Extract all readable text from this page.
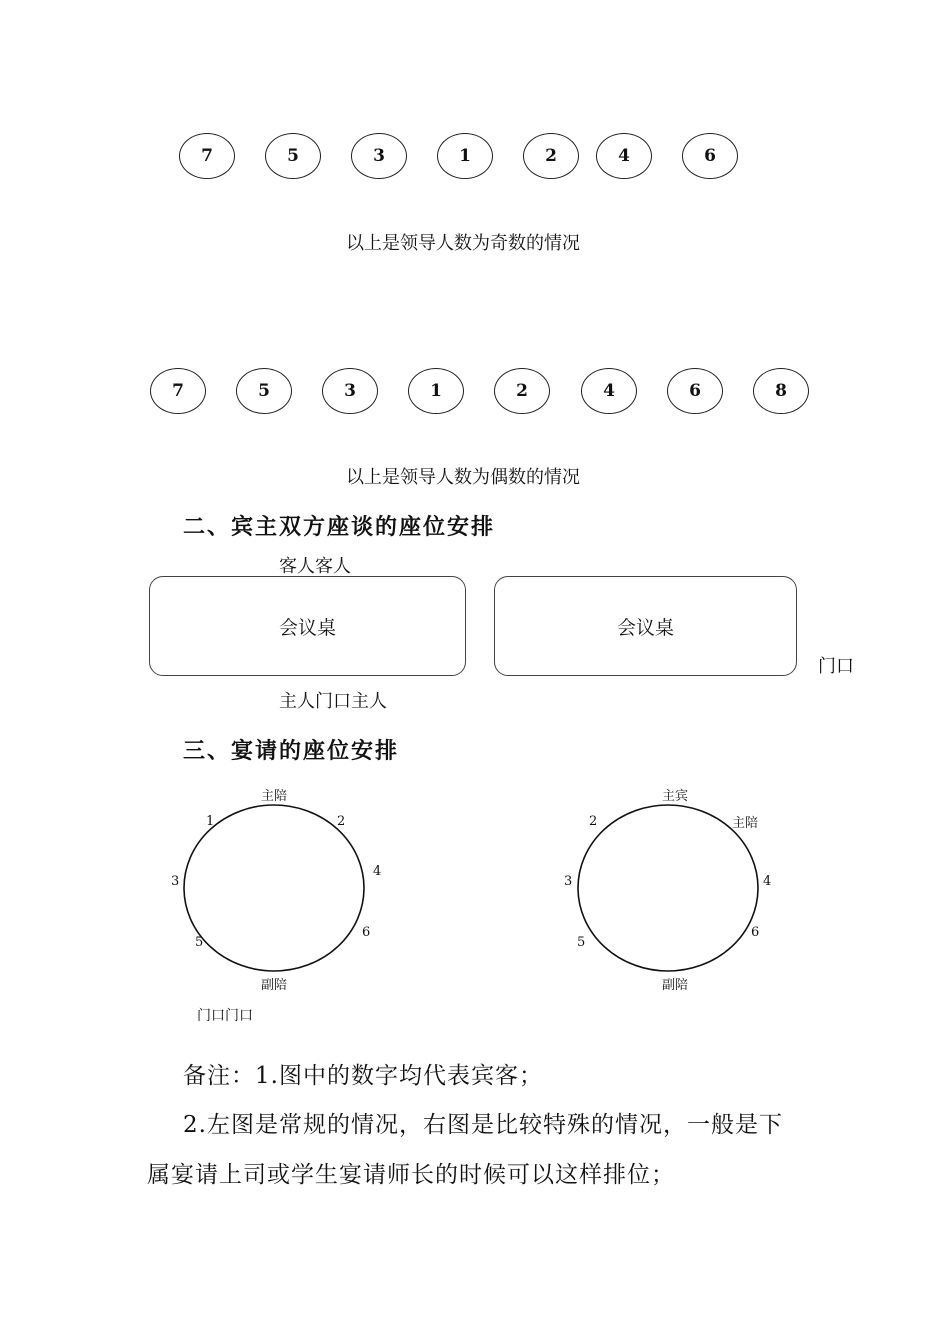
7	5	3	1	2	4	6
以上是领导人数为奇数的情况
7	5	3	1	2	4	6	8
以上是领导人数为偶数的情况
二、宾主双方座谈的座位安排
客人客人
会议桌	会议桌
门口
主人门口主人
三、宴请的座位安排
主陪
1	2
3
4
5
6
副陪
门口门口
主宾
主陪
2
3	4
5
6
副陪
备注：1.图中的数字均代表宾客；
2.左图是常规的情况，右图是比较特殊的情况，一般是下
属宴请上司或学生宴请师长的时候可以这样排位；
